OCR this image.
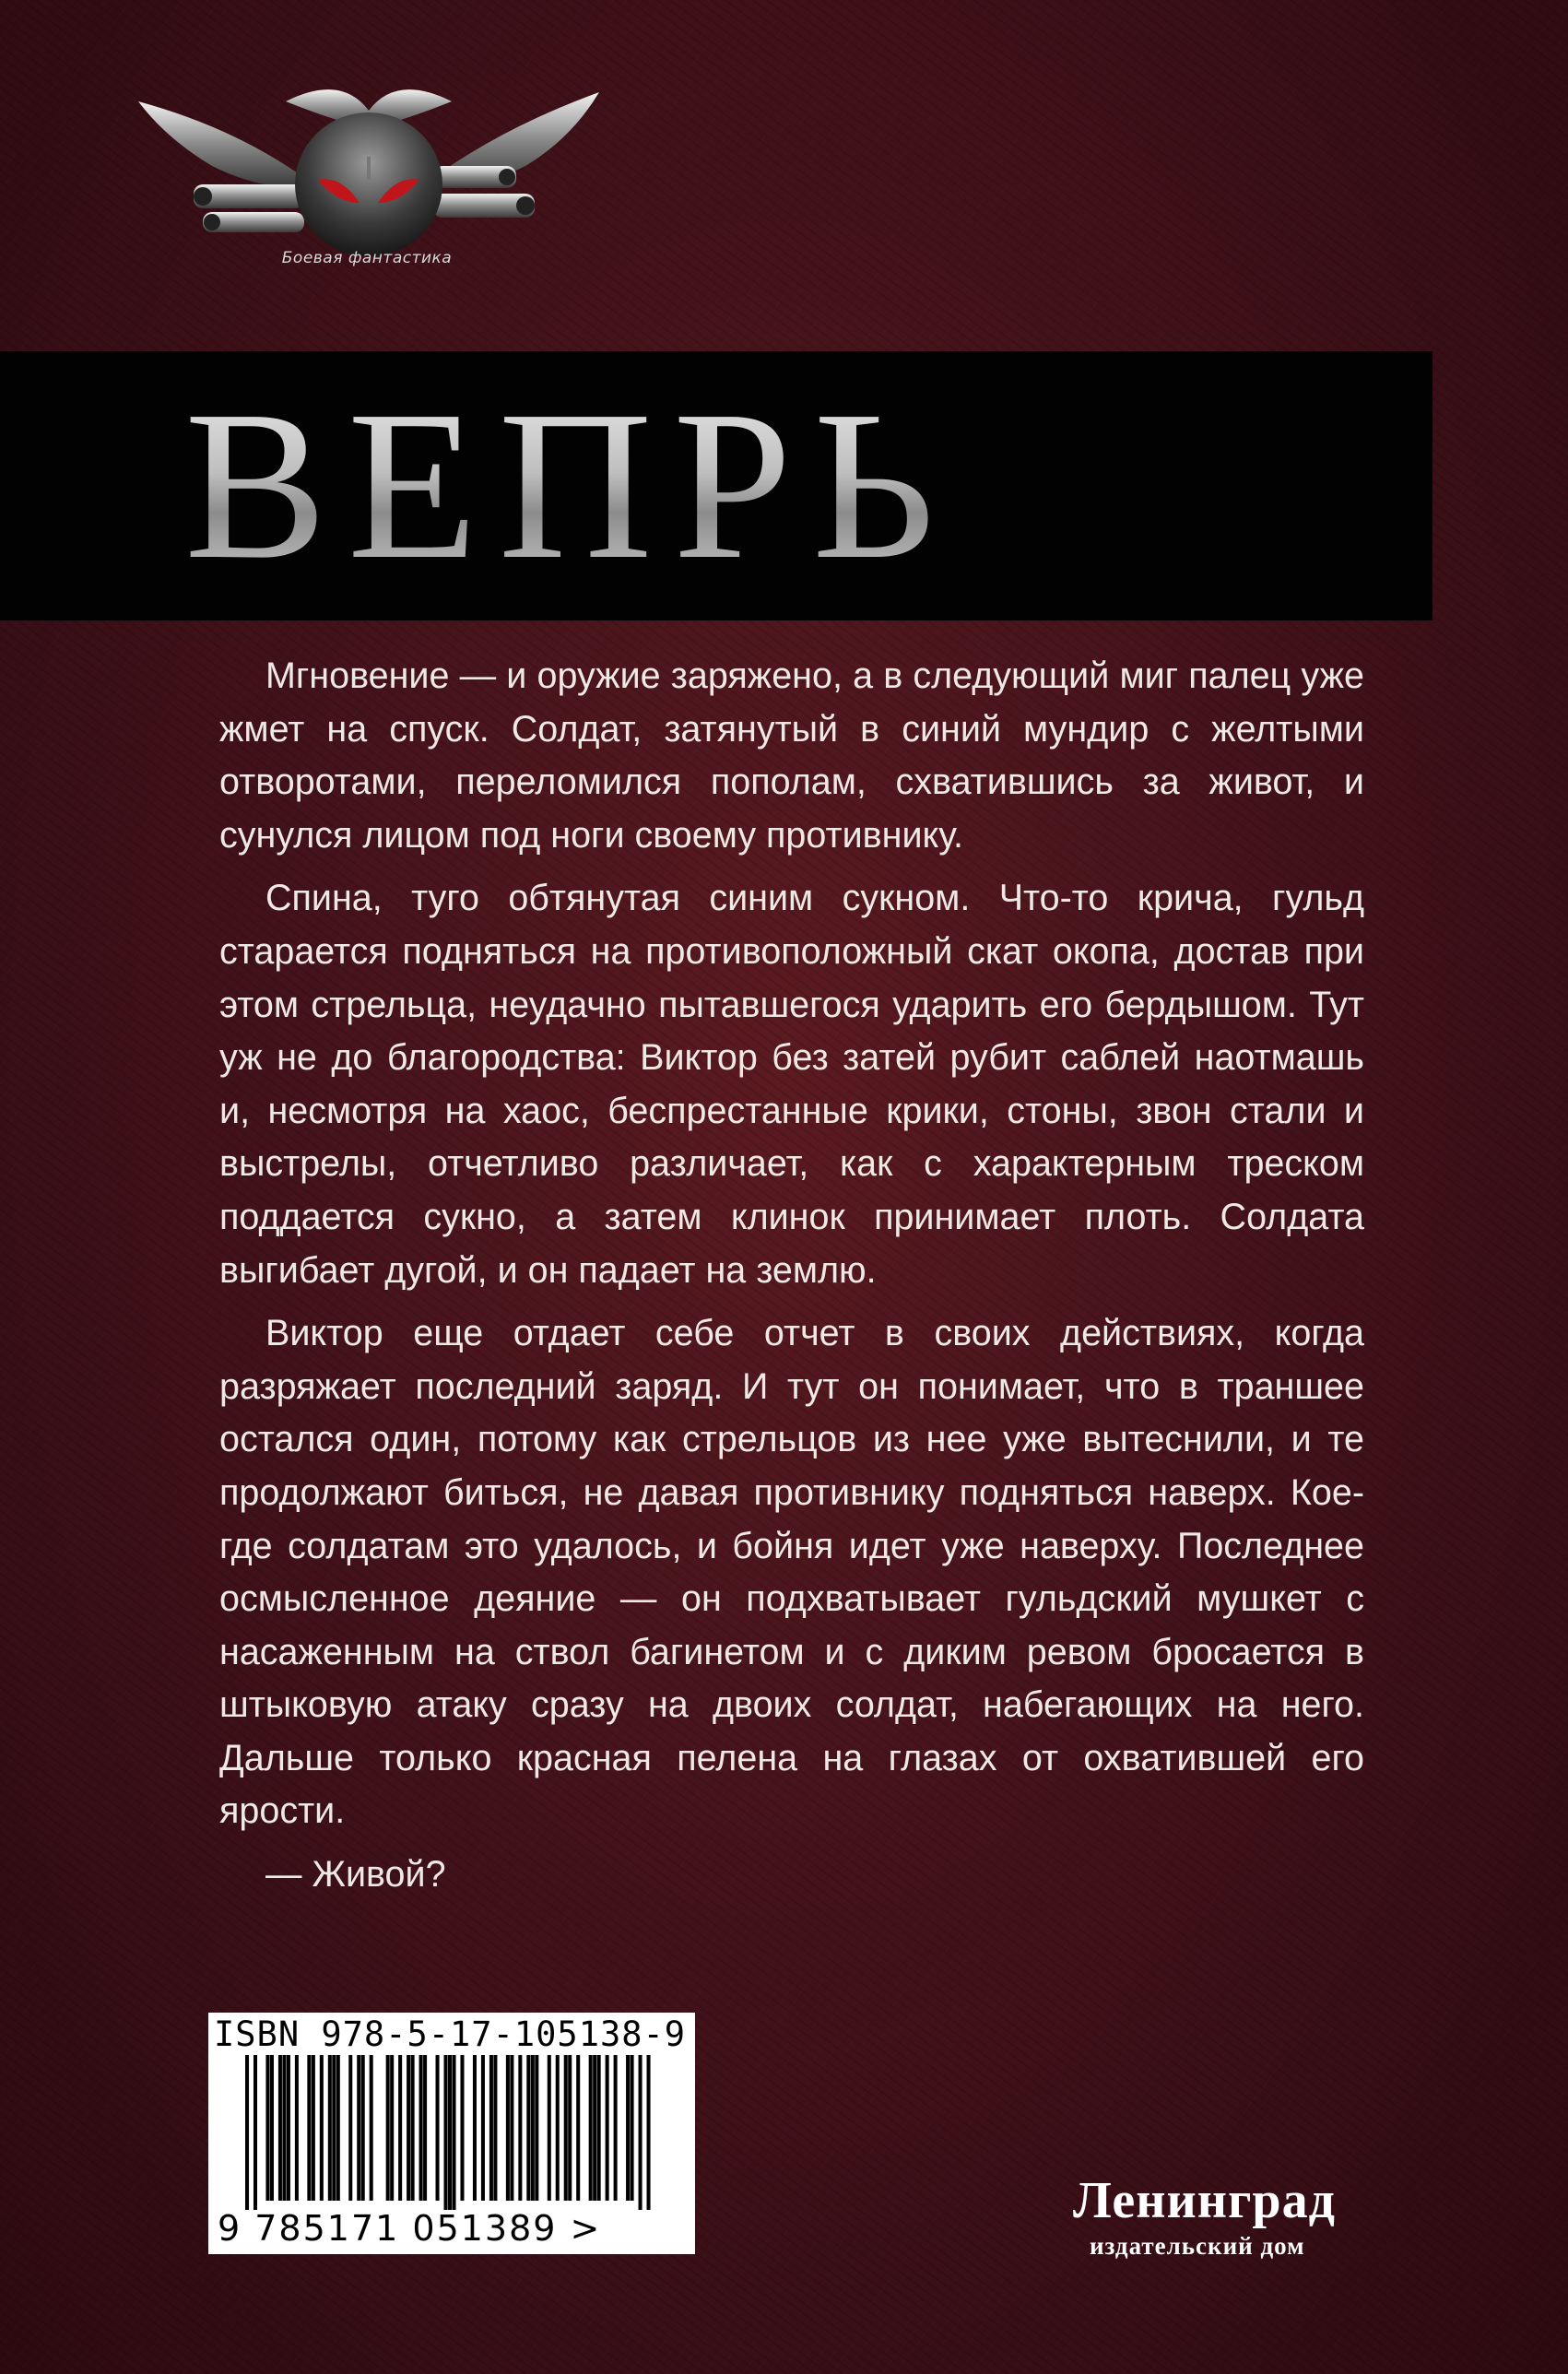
Боевая фантастика
ВЕПРЬ

Мгновение — и оружие заряжено, а в следующий миг палец уже жмет на спуск. Солдат, затянутый в синий мундир с желтыми отворотами, переломился пополам, схватившись за живот, и сунулся лицом под ноги своему противнику.

Спина, туго обтянутая синим сукном. Что-то крича, гульд старается подняться на противоположный скат окопа, достав при этом стрельца, неудачно пытавшегося ударить его бердышом. Тут уж не до благородства: Виктор без затей рубит саблей наотмашь и, несмотря на хаос, беспрестанные крики, стоны, звон стали и выстрелы, отчетливо различает, как с характерным треском поддается сукно, а затем клинок принимает плоть. Солдата выгибает дугой, и он падает на землю.

Виктор еще отдает себе отчет в своих действиях, когда разряжает последний заряд. И тут он понимает, что в траншее остался один, потому как стрельцов из нее уже вытеснили, и те продолжают биться, не давая противнику подняться наверх. Кое-где солдатам это удалось, и бойня идет уже наверху. Последнее осмысленное деяние — он подхватывает гульдский мушкет с насаженным на ствол багинетом и с диким ревом бросается в штыковую атаку сразу на двоих солдат, набегающих на него. Дальше только красная пелена на глазах от охватившей его ярости.

— Живой?

ISBN 978-5-17-105138-9
9 785171 051389 >	Ленинград
издательский дом
